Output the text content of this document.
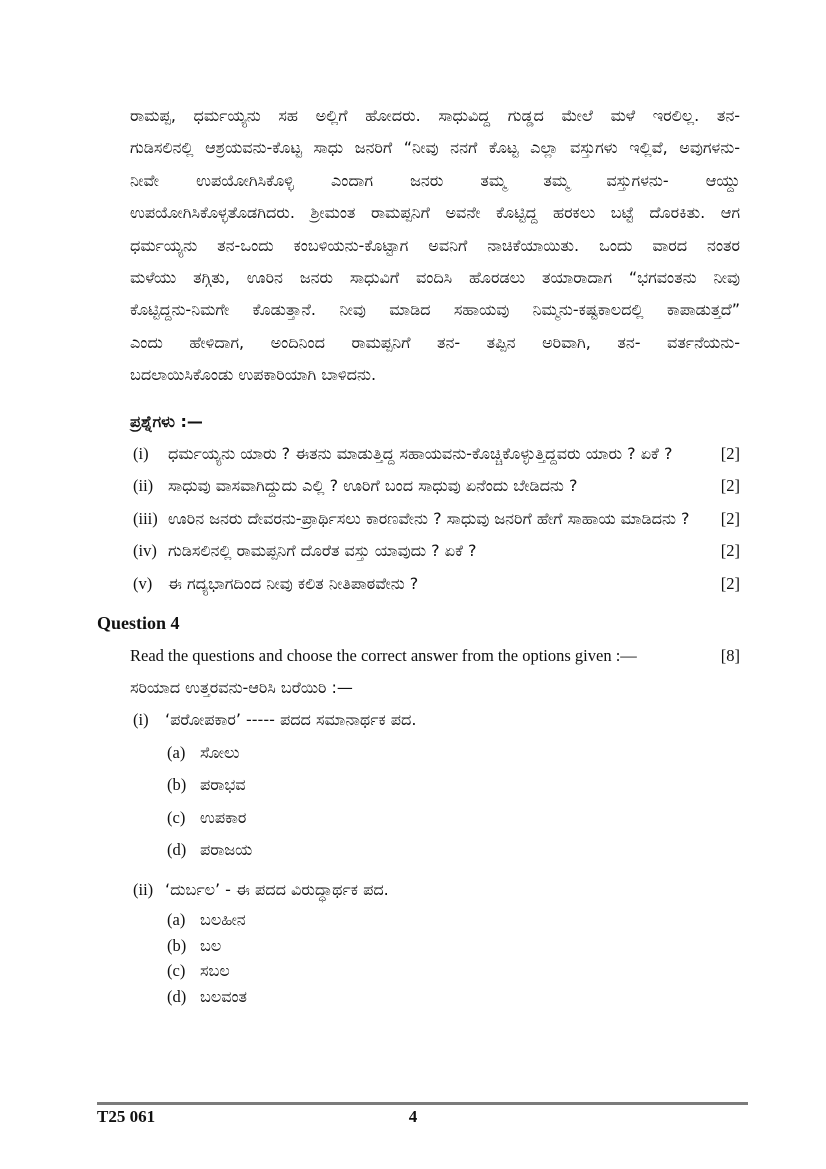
ರಾಮಪ್ಪ, ಧರ್ಮಯ್ಯನು ಸಹ ಅಲ್ಲಿಗೆ ಹೋದರು. ಸಾಧುವಿದ್ದ ಗುಡ್ಡದ ಮೇಲೆ ಮಳೆ ಇರಲಿಲ್ಲ. ತನ-
ಗುಡಿಸಲಿನಲ್ಲಿ ಆಶ್ರಯವನು-ಕೊಟ್ಟ ಸಾಧು ಜನರಿಗೆ “ನೀವು ನನಗೆ ಕೊಟ್ಟ ಎಲ್ಲಾ ವಸ್ತುಗಳು ಇಲ್ಲಿವೆ, ಅವುಗಳನು-
ನೀವೇ ಉಪಯೋಗಿಸಿಕೊಳ್ಳಿ ಎಂದಾಗ ಜನರು ತಮ್ಮ ತಮ್ಮ ವಸ್ತುಗಳನು- ಆಯ್ದು
ಉಪಯೋಗಿಸಿಕೊಳ್ಳತೊಡಗಿದರು. ಶ್ರೀಮಂತ ರಾಮಪ್ಪನಿಗೆ ಅವನೇ ಕೊಟ್ಟಿದ್ದ ಹರಕಲು ಬಟ್ಟೆ ದೊರಕಿತು. ಆಗ
ಧರ್ಮಯ್ಯನು ತನ-ಒಂದು ಕಂಬಳಿಯನು-ಕೊಟ್ಟಾಗ ಅವನಿಗೆ ನಾಚಿಕೆಯಾಯಿತು. ಒಂದು ವಾರದ ನಂತರ
ಮಳೆಯು ತಗ್ಗಿತು, ಊರಿನ ಜನರು ಸಾಧುವಿಗೆ ವಂದಿಸಿ ಹೊರಡಲು ತಯಾರಾದಾಗ “ಭಗವಂತನು ನೀವು
ಕೊಟ್ಟಿದ್ದನು-ನಿಮಗೇ ಕೊಡುತ್ತಾನೆ. ನೀವು ಮಾಡಿದ ಸಹಾಯವು ನಿಮ್ಮನು-ಕಷ್ಟಕಾಲದಲ್ಲಿ ಕಾಪಾಡುತ್ತದೆ”
ಎಂದು ಹೇಳಿದಾಗ, ಅಂದಿನಿಂದ ರಾಮಪ್ಪನಿಗೆ ತನ- ತಪ್ಪಿನ ಅರಿವಾಗಿ, ತನ- ವರ್ತನೆಯನು-
ಬದಲಾಯಿಸಿಕೊಂಡು ಉಪಕಾರಿಯಾಗಿ ಬಾಳಿದನು.
ಪ್ರಶ್ನೆಗಳು :—
(i)	ಧರ್ಮಯ್ಯನು ಯಾರು ? ಈತನು ಮಾಡುತ್ತಿದ್ದ ಸಹಾಯವನು-ಕೊಚ್ಚಿಕೊಳ್ಳುತ್ತಿದ್ದವರು ಯಾರು ? ಏಕೆ ?	[2]
(ii) ಸಾಧುವು ವಾಸವಾಗಿದ್ದುದು ಎಲ್ಲಿ ? ಊರಿಗೆ ಬಂದ ಸಾಧುವು ಏನೆಂದು ಬೇಡಿದನು ?	[2]
(iii) ಊರಿನ ಜನರು ದೇವರನು-ಪ್ರಾರ್ಥಿಸಲು ಕಾರಣವೇನು ? ಸಾಧುವು ಜನರಿಗೆ ಹೇಗೆ ಸಾಹಾಯ ಮಾಡಿದನು ?	[2]
(iv) ಗುಡಿಸಲಿನಲ್ಲಿ ರಾಮಪ್ಪನಿಗೆ ದೊರೆತ ವಸ್ತು ಯಾವುದು ? ಏಕೆ ?	[2]
(v) ಈ ಗದ್ಯಭಾಗದಿಂದ ನೀವು ಕಲಿತ ನೀತಿಪಾಠವೇನು ?	[2]
Question 4
Read the questions and choose the correct answer from the options given :—	[8]
ಸರಿಯಾದ ಉತ್ತರವನು-ಆರಿಸಿ ಬರೆಯಿರಿ :—
(i)	‘ಪರೋಪಕಾರ’ ----- ಪದದ ಸಮಾನಾರ್ಥಕ ಪದ.
(a) ಸೋಲು
(b) ಪರಾಭವ
(c) ಉಪಕಾರ
(d) ಪರಾಜಯ
(ii) ‘ದುರ್ಬಲ’ - ಈ ಪದದ ವಿರುದ್ಧಾರ್ಥಕ ಪದ.
(a) ಬಲಹೀನ
(b) ಬಲ
(c) ಸಬಲ
(d) ಬಲವಂತ
T25 061	4
